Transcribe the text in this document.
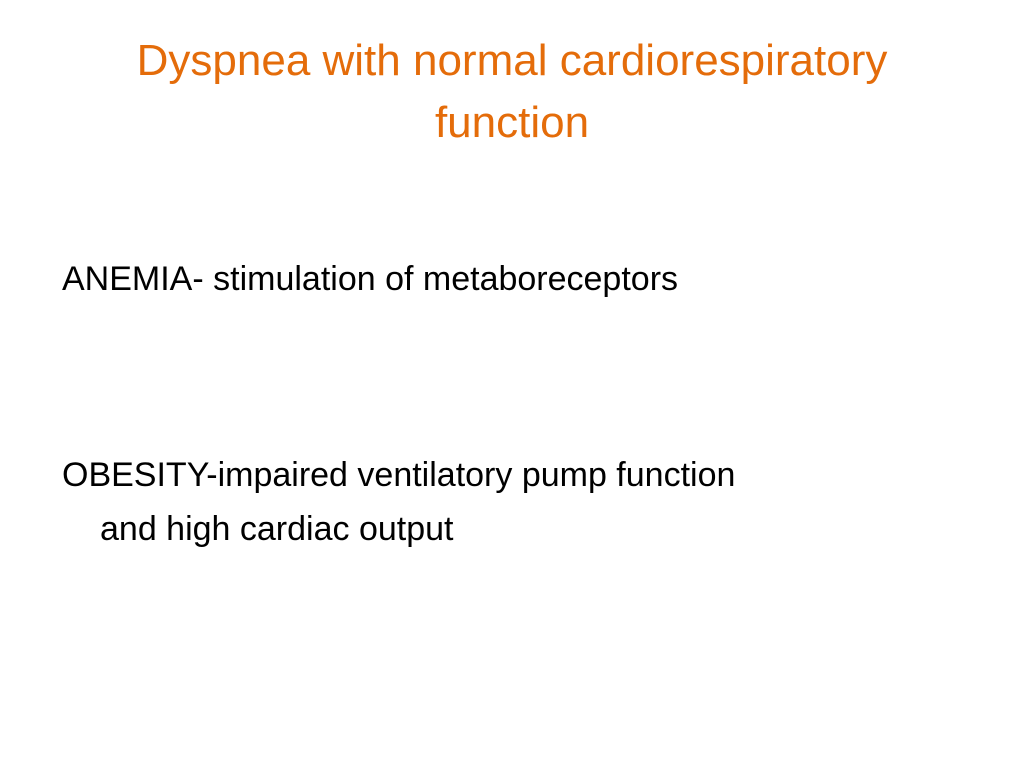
Dyspnea with normal cardiorespiratory
function
ANEMIA- stimulation of metaboreceptors
OBESITY-impaired ventilatory pump function
and high cardiac output
